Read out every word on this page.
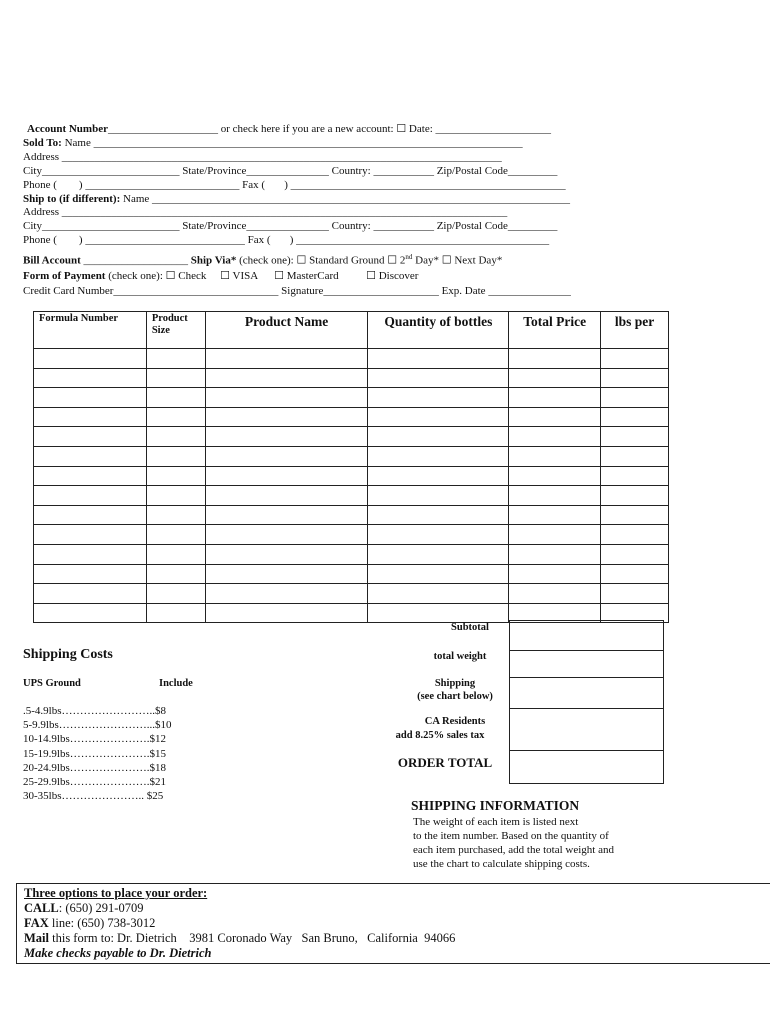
Account Number____________________ or check here if you are a new account: ☐ Date: _____________________
Sold To: Name ______________________________________________________________________________
Address ________________________________________________________________________________
City_________________________ State/Province_______________ Country: ___________ Zip/Postal Code_________
Phone (        ) ____________________________ Fax (       ) __________________________________________________
Ship to (if different): Name ____________________________________________________________________________
Address _________________________________________________________________________________
City_________________________ State/Province_______________ Country: ___________ Zip/Postal Code_________
Phone (        ) _____________________________ Fax (       ) ______________________________________________
Bill Account ___________________ Ship Via* (check one): ☐ Standard Ground ☐ 2nd Day* ☐ Next Day*
Form of Payment (check one): ☐ Check     ☐ VISA      ☐ MasterCard          ☐ Discover
Credit Card Number______________________________ Signature_____________________ Exp. Date _______________
Formula Number	Product Size	Product Name	Quantity of bottles	Total Price	lbs per

Subtotal
total weight
Shipping
(see chart below)
CA Residents
add 8.25% sales tax
ORDER TOTAL
Shipping Costs
UPS Ground	Include
.5-4.9lbs……………………..$8
5-9.9lbs……………………...$10
10-14.9lbs………………….$12
15-19.9lbs………………….$15
20-24.9lbs………………….$18
25-29.9lbs………………….$21
30-35lbs………………….. $25
SHIPPING INFORMATION
The weight of each item is listed next
to the item number. Based on the quantity of
each item purchased, add the total weight and
use the chart to calculate shipping costs.
Three options to place your order:
CALL: (650) 291-0709
FAX line: (650) 738-3012
Mail this form to: Dr. Dietrich    3981 Coronado Way   San Bruno,   California  94066
Make checks payable to Dr. Dietrich
